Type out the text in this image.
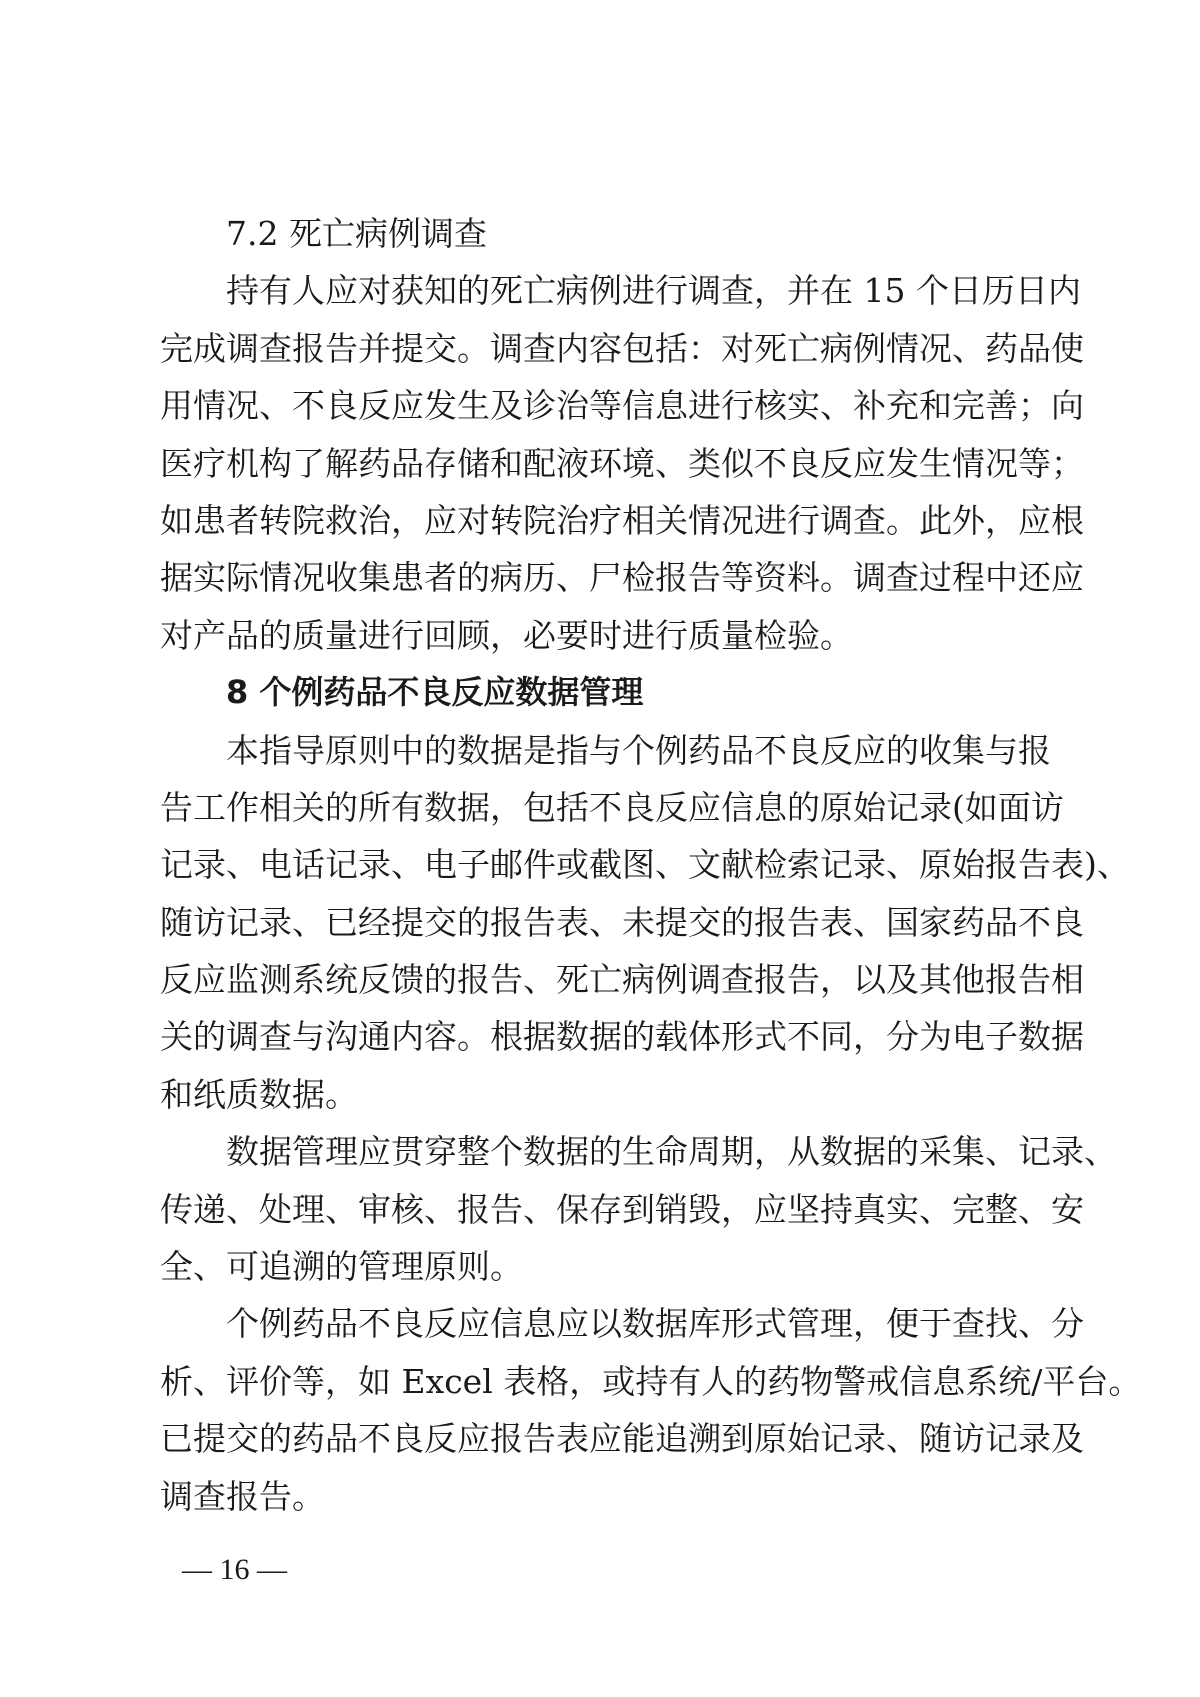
7.2 死亡病例调查
持有人应对获知的死亡病例进行调查，并在 15 个日历日内
完成调查报告并提交。调查内容包括：对死亡病例情况、药品使
用情况、不良反应发生及诊治等信息进行核实、补充和完善；向
医疗机构了解药品存储和配液环境、类似不良反应发生情况等；
如患者转院救治，应对转院治疗相关情况进行调查。此外，应根
据实际情况收集患者的病历、尸检报告等资料。调查过程中还应
对产品的质量进行回顾，必要时进行质量检验。
8 个例药品不良反应数据管理
本指导原则中的数据是指与个例药品不良反应的收集与报
告工作相关的所有数据，包括不良反应信息的原始记录(如面访
记录、电话记录、电子邮件或截图、文献检索记录、原始报告表)、
随访记录、已经提交的报告表、未提交的报告表、国家药品不良
反应监测系统反馈的报告、死亡病例调查报告，以及其他报告相
关的调查与沟通内容。根据数据的载体形式不同，分为电子数据
和纸质数据。
数据管理应贯穿整个数据的生命周期，从数据的采集、记录、
传递、处理、审核、报告、保存到销毁，应坚持真实、完整、安
全、可追溯的管理原则。
个例药品不良反应信息应以数据库形式管理，便于查找、分
析、评价等，如 Excel 表格，或持有人的药物警戒信息系统/平台。
已提交的药品不良反应报告表应能追溯到原始记录、随访记录及
调查报告。
— 16 —
